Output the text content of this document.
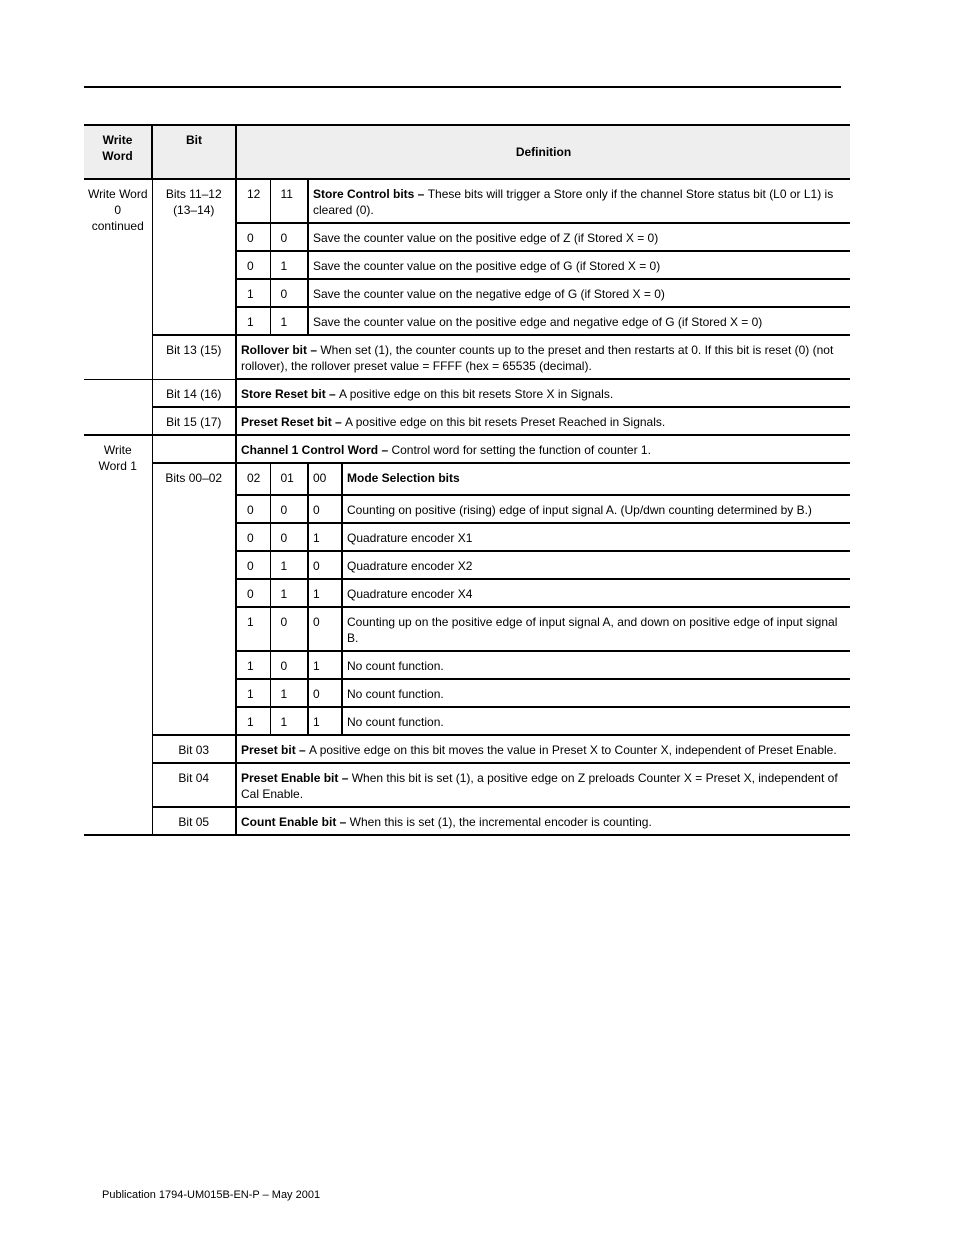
Write Word	Bit	Definition			

Write Word 0 continued	Bits 11–12 (13–14)	12	11	Store Control bits – These bits will trigger a Store only if the channel Store status bit (L0 or L1) is cleared (0).	
		0	0	Save the counter value on the positive edge of Z (if Stored X = 0)	
		0	1	Save the counter value on the positive edge of G (if Stored X = 0)	
		1	0	Save the counter value on the negative edge of G (if Stored X = 0)	
		1	1	Save the counter value on the positive edge and negative edge of G (if Stored X = 0)	
	Bit 13 (15)	Rollover bit – When set (1), the counter counts up to the preset and then restarts at 0. If this bit is reset (0) (not rollover), the rollover preset value = FFFF (hex = 65535 (decimal).			
	Bit 14 (16)	Store Reset bit – A positive edge on this bit resets Store X in Signals.			
	Bit 15 (17)	Preset Reset bit – A positive edge on this bit resets Preset Reached in Signals.			

Write Word 1		Channel 1 Control Word – Control word for setting the function of counter 1.			
	Bits 00–02	02	01	00	Mode Selection bits
		0	0	0	Counting on positive (rising) edge of input signal A. (Up/dwn counting determined by B.)
		0	0	1	Quadrature encoder X1
		0	1	0	Quadrature encoder X2
		0	1	1	Quadrature encoder X4
		1	0	0	Counting up on the positive edge of input signal A, and down on positive edge of input signal B.
		1	0	1	No count function.
		1	1	0	No count function.
		1	1	1	No count function.
	Bit 03	Preset bit – A positive edge on this bit moves the value in Preset X to Counter X, independent of Preset Enable.			
	Bit 04	Preset Enable bit – When this bit is set (1), a positive edge on Z preloads Counter X = Preset X, independent of Cal Enable.			
	Bit 05	Count Enable bit – When this is set (1), the incremental encoder is counting.			
Publication 1794-UM015B-EN-P – May 2001
